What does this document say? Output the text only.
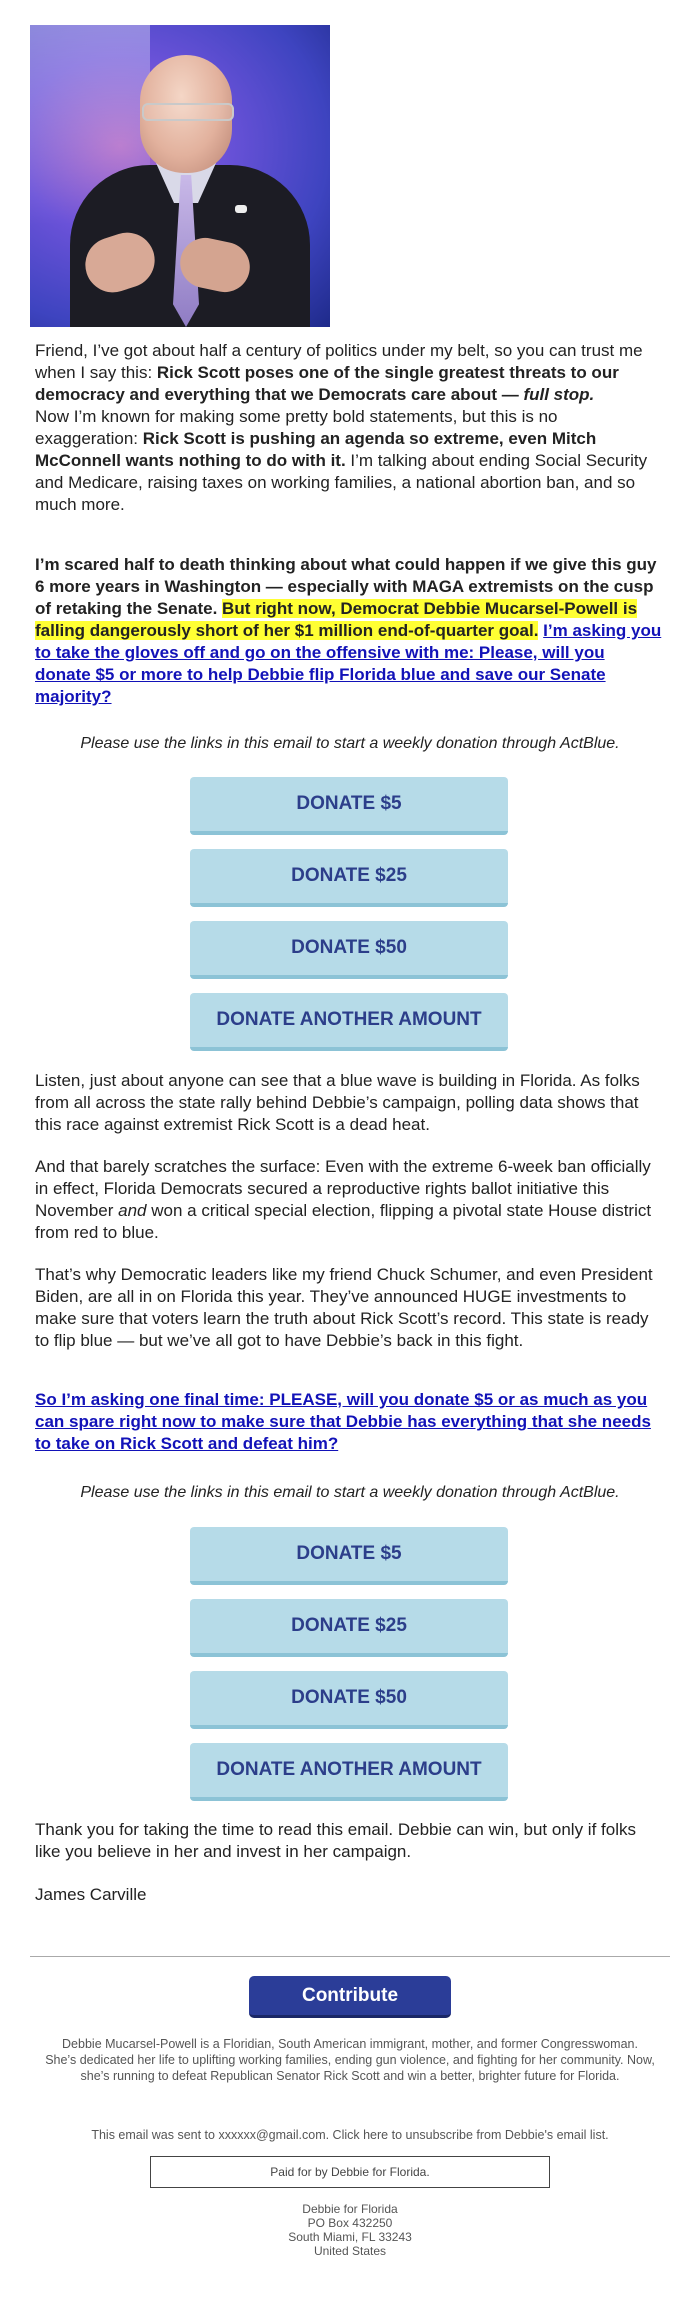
Friend, I’ve got about half a century of politics under my belt, so you can trust me when I say this: Rick Scott poses one of the single greatest threats to our democracy and everything that we Democrats care about — full stop.
Now I’m known for making some pretty bold statements, but this is no exaggeration: Rick Scott is pushing an agenda so extreme, even Mitch McConnell wants nothing to do with it. I’m talking about ending Social Security and Medicare, raising taxes on working families, a national abortion ban, and so much more.
I’m scared half to death thinking about what could happen if we give this guy 6 more years in Washington — especially with MAGA extremists on the cusp of retaking the Senate. But right now, Democrat Debbie Mucarsel-Powell is falling dangerously short of her $1 million end-of-quarter goal. I’m asking you to take the gloves off and go on the offensive with me: Please, will you donate $5 or more to help Debbie flip Florida blue and save our Senate majority?
Please use the links in this email to start a weekly donation through ActBlue.
DONATE $5
DONATE $25
DONATE $50
DONATE ANOTHER AMOUNT
Listen, just about anyone can see that a blue wave is building in Florida. As folks from all across the state rally behind Debbie’s campaign, polling data shows that this race against extremist Rick Scott is a dead heat.
And that barely scratches the surface: Even with the extreme 6-week ban officially in effect, Florida Democrats secured a reproductive rights ballot initiative this November and won a critical special election, flipping a pivotal state House district from red to blue.
That’s why Democratic leaders like my friend Chuck Schumer, and even President Biden, are all in on Florida this year. They’ve announced HUGE investments to make sure that voters learn the truth about Rick Scott’s record. This state is ready to flip blue — but we’ve all got to have Debbie’s back in this fight.
So I’m asking one final time: PLEASE, will you donate $5 or as much as you can spare right now to make sure that Debbie has everything that she needs to take on Rick Scott and defeat him?
Please use the links in this email to start a weekly donation through ActBlue.
DONATE $5
DONATE $25
DONATE $50
DONATE ANOTHER AMOUNT
Thank you for taking the time to read this email. Debbie can win, but only if folks like you believe in her and invest in her campaign.
James Carville
Contribute
Debbie Mucarsel-Powell is a Floridian, South American immigrant, mother, and former Congresswoman. She’s dedicated her life to uplifting working families, ending gun violence, and fighting for her community. Now, she’s running to defeat Republican Senator Rick Scott and win a better, brighter future for Florida.
This email was sent to xxxxxx@gmail.com. Click here to unsubscribe from Debbie's email list.
Paid for by Debbie for Florida.
Debbie for Florida
PO Box 432250
South Miami, FL 33243
United States
